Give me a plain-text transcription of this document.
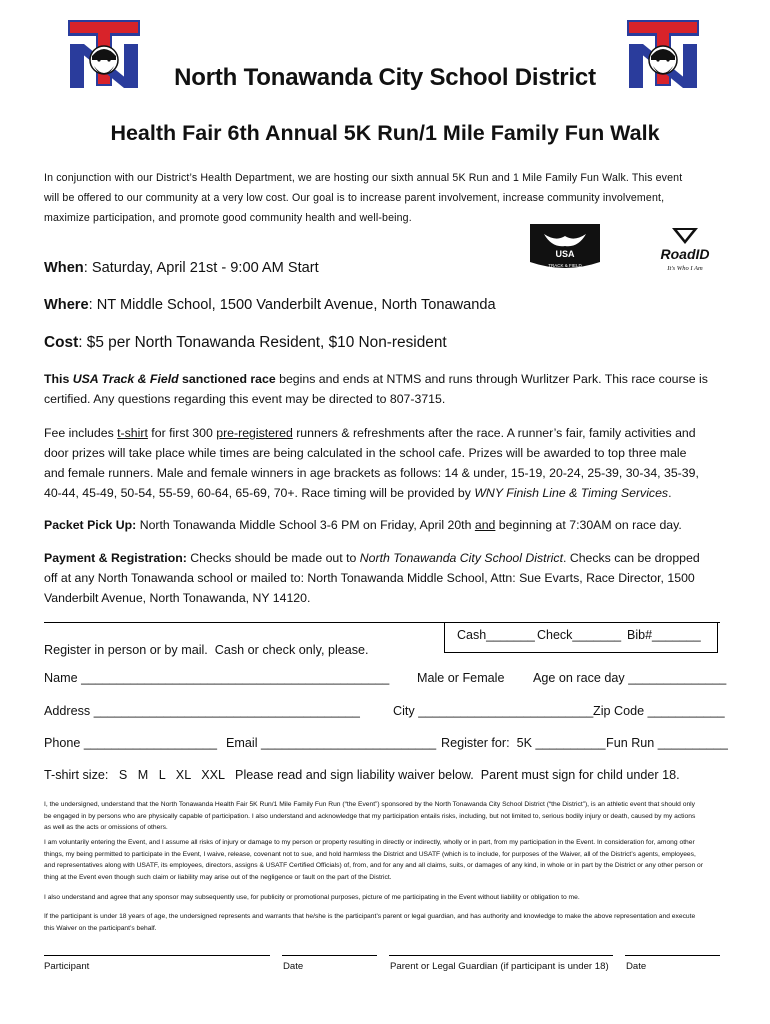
North Tonawanda City School District
Health Fair 6th Annual 5K Run/1 Mile Family Fun Walk
In conjunction with our District’s Health Department, we are hosting our sixth annual 5K Run and 1 Mile Family Fun Walk. This event
will be offered to our community at a very low cost. Our goal is to increase parent involvement, increase community involvement,
maximize participation, and promote good community health and well-being.
USA
TRACK & FIELD
RoadID
It's Who I Am
When: Saturday, April 21st - 9:00 AM Start
Where: NT Middle School, 1500 Vanderbilt Avenue, North Tonawanda
Cost: $5 per North Tonawanda Resident, $10 Non-resident
This USA Track & Field sanctioned race begins and ends at NTMS and runs through Wurlitzer Park. This race course is
certified. Any questions regarding this event may be directed to 807-3715.
Fee includes t-shirt for first 300 pre-registered runners & refreshments after the race. A runner’s fair, family activities and
door prizes will take place while times are being calculated in the school cafe. Prizes will be awarded to top three male
and female runners. Male and female winners in age brackets as follows: 14 & under, 15-19, 20-24, 25-39, 30-34, 35-39,
40-44, 45-49, 50-54, 55-59, 60-64, 65-69, 70+. Race timing will be provided by WNY Finish Line & Timing Services.
Packet Pick Up: North Tonawanda Middle School 3-6 PM on Friday, April 20th and beginning at 7:30AM on race day.
Payment & Registration: Checks should be made out to North Tonawanda City School District. Checks can be dropped
off at any North Tonawanda school or mailed to: North Tonawanda Middle School, Attn: Sue Evarts, Race Director, 1500
Vanderbilt Avenue, North Tonawanda, NY 14120.
Cash_______ Check_______ Bib#_______
Register in person or by mail.  Cash or check only, please.
Name ____________________________________________ Male or Female Age on race day ______________
Address ______________________________________	City _________________________ Zip Code ___________
Phone ___________________ Email _________________________ Register for:  5K __________ Fun Run __________
T-shirt size:   S   M   L   XL   XXL   Please read and sign liability waiver below.  Parent must sign for child under 18.
I, the undersigned, understand that the North Tonawanda Health Fair 5K Run/1 Mile Family Fun Run (“the Event”) sponsored by the North Tonawanda City School District (“the District”), is an athletic event that should only
be engaged in by persons who are physically capable of participation. I also understand and acknowledge that my participation entails risks, including, but not limited to, serious bodily injury or death, caused by my actions
as well as the acts or omissions of others.
I am voluntarily entering the Event, and I assume all risks of injury or damage to my person or property resulting in directly or indirectly, wholly or in part, from my participation in the Event. In consideration for, among other
things, my being permitted to participate in the Event, I waive, release, covenant not to sue, and hold harmless the District and USATF (which is to include, for purposes of the Waiver, all of the District’s agents, employees,
and representatives along with USATF, its employees, directors, assigns & USATF Certified Officials) of, from, and for any and all claims, suits, or damages of any kind, in whole or in part by the District or any other person or
thing at the Event even though such claim or liability may arise out of the negligence or fault on the part of the District.
I also understand and agree that any sponsor may subsequently use, for publicity or promotional purposes, picture of me participating in the Event without liability or obligation to me.
If the participant is under 18 years of age, the undersigned represents and warrants that he/she is the participant’s parent or legal guardian, and has authority and knowledge to make the above representation and execute
this Waiver on the participant’s behalf.
Participant	Date	Parent or Legal Guardian (if participant is under 18) Date
